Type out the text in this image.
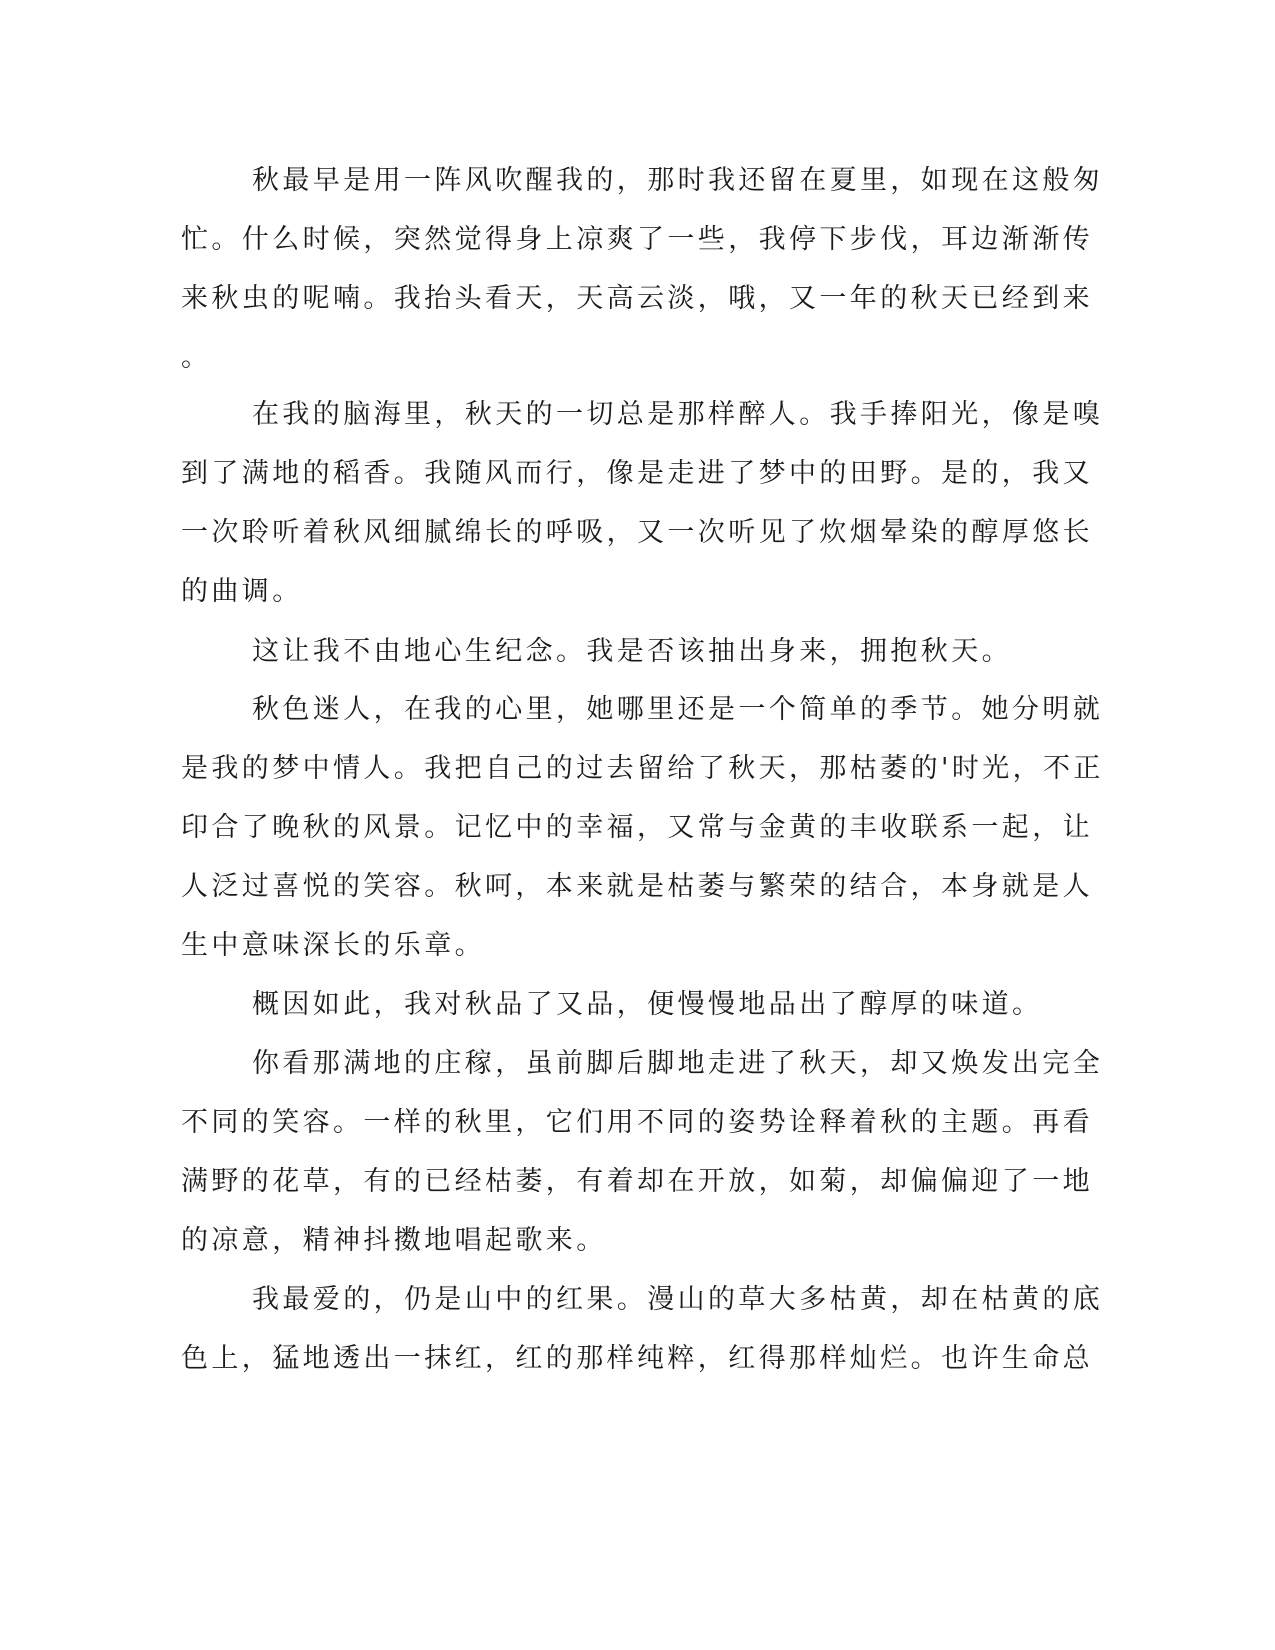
秋最早是用一阵风吹醒我的，那时我还留在夏里，如现在这般匆

忙。什么时候，突然觉得身上凉爽了一些，我停下步伐，耳边渐渐传

来秋虫的呢喃。我抬头看天，天高云淡，哦，又一年的秋天已经到来

。

在我的脑海里，秋天的一切总是那样醉人。我手捧阳光，像是嗅

到了满地的稻香。我随风而行，像是走进了梦中的田野。是的，我又

一次聆听着秋风细腻绵长的呼吸，又一次听见了炊烟晕染的醇厚悠长

的曲调。

这让我不由地心生纪念。我是否该抽出身来，拥抱秋天。

秋色迷人，在我的心里，她哪里还是一个简单的季节。她分明就

是我的梦中情人。我把自己的过去留给了秋天，那枯萎的'时光，不正

印合了晚秋的风景。记忆中的幸福，又常与金黄的丰收联系一起，让

人泛过喜悦的笑容。秋呵，本来就是枯萎与繁荣的结合，本身就是人

生中意味深长的乐章。

概因如此，我对秋品了又品，便慢慢地品出了醇厚的味道。

你看那满地的庄稼，虽前脚后脚地走进了秋天，却又焕发出完全

不同的笑容。一样的秋里，它们用不同的姿势诠释着秋的主题。再看

满野的花草，有的已经枯萎，有着却在开放，如菊，却偏偏迎了一地

的凉意，精神抖擞地唱起歌来。

我最爱的，仍是山中的红果。漫山的草大多枯黄，却在枯黄的底

色上，猛地透出一抹红，红的那样纯粹，红得那样灿烂。也许生命总
